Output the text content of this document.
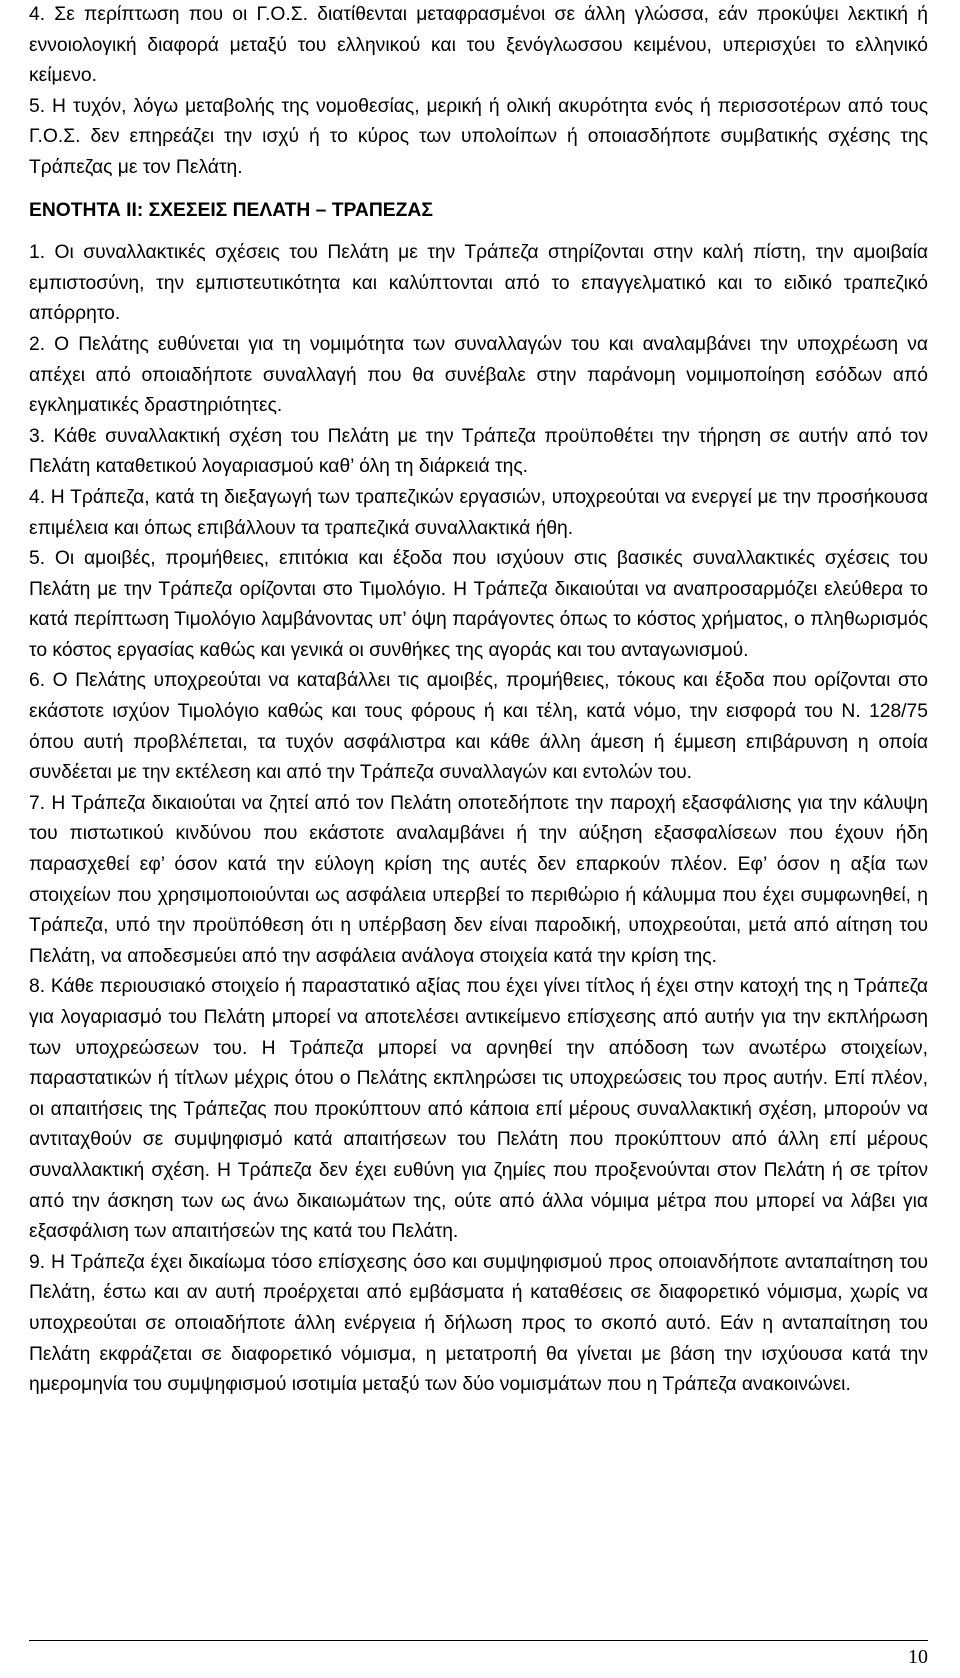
4. Σε περίπτωση που οι Γ.Ο.Σ. διατίθενται μεταφρασμένοι σε άλλη γλώσσα, εάν προκύψει λεκτική ή εννοιολογική διαφορά μεταξύ του ελληνικού και του ξενόγλωσσου κειμένου, υπερισχύει το ελληνικό κείμενο.

5. Η τυχόν, λόγω μεταβολής της νομοθεσίας, μερική ή ολική ακυρότητα ενός ή περισσοτέρων από τους Γ.Ο.Σ. δεν επηρεάζει την ισχύ ή το κύρος των υπολοίπων ή οποιασδήποτε συμβατικής σχέσης της Τράπεζας με τον Πελάτη.

ΕΝΟΤΗΤΑ ΙΙ: ΣΧΕΣΕΙΣ ΠΕΛΑΤΗ – ΤΡΑΠΕΖΑΣ

1. Οι συναλλακτικές σχέσεις του Πελάτη με την Τράπεζα στηρίζονται στην καλή πίστη, την αμοιβαία εμπιστοσύνη, την εμπιστευτικότητα και καλύπτονται από το επαγγελματικό και το ειδικό τραπεζικό απόρρητο.

2. Ο Πελάτης ευθύνεται για τη νομιμότητα των συναλλαγών του και αναλαμβάνει την υποχρέωση να απέχει από οποιαδήποτε συναλλαγή που θα συνέβαλε στην παράνομη νομιμοποίηση εσόδων από εγκληματικές δραστηριότητες.

3. Κάθε συναλλακτική σχέση του Πελάτη με την Τράπεζα προϋποθέτει την τήρηση σε αυτήν από τον Πελάτη καταθετικού λογαριασμού καθ’ όλη τη διάρκειά της.

4. Η Τράπεζα, κατά τη διεξαγωγή των τραπεζικών εργασιών, υποχρεούται να ενεργεί με την προσήκουσα επιμέλεια και όπως επιβάλλουν τα τραπεζικά συναλλακτικά ήθη.

5. Οι αμοιβές, προμήθειες, επιτόκια και έξοδα που ισχύουν στις βασικές συναλλακτικές σχέσεις του Πελάτη με την Τράπεζα ορίζονται στο Τιμολόγιο. Η Τράπεζα δικαιούται να αναπροσαρμόζει ελεύθερα το κατά περίπτωση Τιμολόγιο λαμβάνοντας υπ’ όψη παράγοντες όπως το κόστος χρήματος, ο πληθωρισμός το κόστος εργασίας καθώς και γενικά οι συνθήκες της αγοράς και του ανταγωνισμού.

6. Ο Πελάτης υποχρεούται να καταβάλλει τις αμοιβές, προμήθειες, τόκους και έξοδα που ορίζονται στο εκάστοτε ισχύον Τιμολόγιο καθώς και τους φόρους ή και τέλη, κατά νόμο, την εισφορά του Ν. 128/75 όπου αυτή προβλέπεται, τα τυχόν ασφάλιστρα και κάθε άλλη άμεση ή έμμεση επιβάρυνση η οποία συνδέεται με την εκτέλεση και από την Τράπεζα συναλλαγών και εντολών του.

7. Η Τράπεζα δικαιούται να ζητεί από τον Πελάτη οποτεδήποτε την παροχή εξασφάλισης για την κάλυψη του πιστωτικού κινδύνου που εκάστοτε αναλαμβάνει ή την αύξηση εξασφαλίσεων που έχουν ήδη παρασχεθεί εφ’ όσον κατά την εύλογη κρίση της αυτές δεν επαρκούν πλέον. Εφ’ όσον η αξία των στοιχείων που χρησιμοποιούνται ως ασφάλεια υπερβεί το περιθώριο ή κάλυμμα που έχει συμφωνηθεί, η Τράπεζα, υπό την προϋπόθεση ότι η υπέρβαση δεν είναι παροδική, υποχρεούται, μετά από αίτηση του Πελάτη, να αποδεσμεύει από την ασφάλεια ανάλογα στοιχεία κατά την κρίση της.

8. Κάθε περιουσιακό στοιχείο ή παραστατικό αξίας που έχει γίνει τίτλος ή έχει στην κατοχή της η Τράπεζα για λογαριασμό του Πελάτη μπορεί να αποτελέσει αντικείμενο επίσχεσης από αυτήν για την εκπλήρωση των υποχρεώσεων του. Η Τράπεζα μπορεί να αρνηθεί την απόδοση των ανωτέρω στοιχείων, παραστατικών ή τίτλων μέχρις ότου ο Πελάτης εκπληρώσει τις υποχρεώσεις του προς αυτήν. Επί πλέον, οι απαιτήσεις της Τράπεζας που προκύπτουν από κάποια επί μέρους συναλλακτική σχέση, μπορούν να αντιταχθούν σε συμψηφισμό κατά απαιτήσεων του Πελάτη που προκύπτουν από άλλη επί μέρους συναλλακτική σχέση. Η Τράπεζα δεν έχει ευθύνη για ζημίες που προξενούνται στον Πελάτη ή σε τρίτον από την άσκηση των ως άνω δικαιωμάτων της, ούτε από άλλα νόμιμα μέτρα που μπορεί να λάβει για εξασφάλιση των απαιτήσεών της κατά του Πελάτη.

9. Η Τράπεζα έχει δικαίωμα τόσο επίσχεσης όσο και συμψηφισμού προς οποιανδήποτε ανταπαίτηση του Πελάτη, έστω και αν αυτή προέρχεται από εμβάσματα ή καταθέσεις σε διαφορετικό νόμισμα, χωρίς να υποχρεούται σε οποιαδήποτε άλλη ενέργεια ή δήλωση προς το σκοπό αυτό. Εάν η ανταπαίτηση του Πελάτη εκφράζεται σε διαφορετικό νόμισμα, η μετατροπή θα γίνεται με βάση την ισχύουσα κατά την ημερομηνία του συμψηφισμού ισοτιμία μεταξύ των δύο νομισμάτων που η Τράπεζα ανακοινώνει.

10
